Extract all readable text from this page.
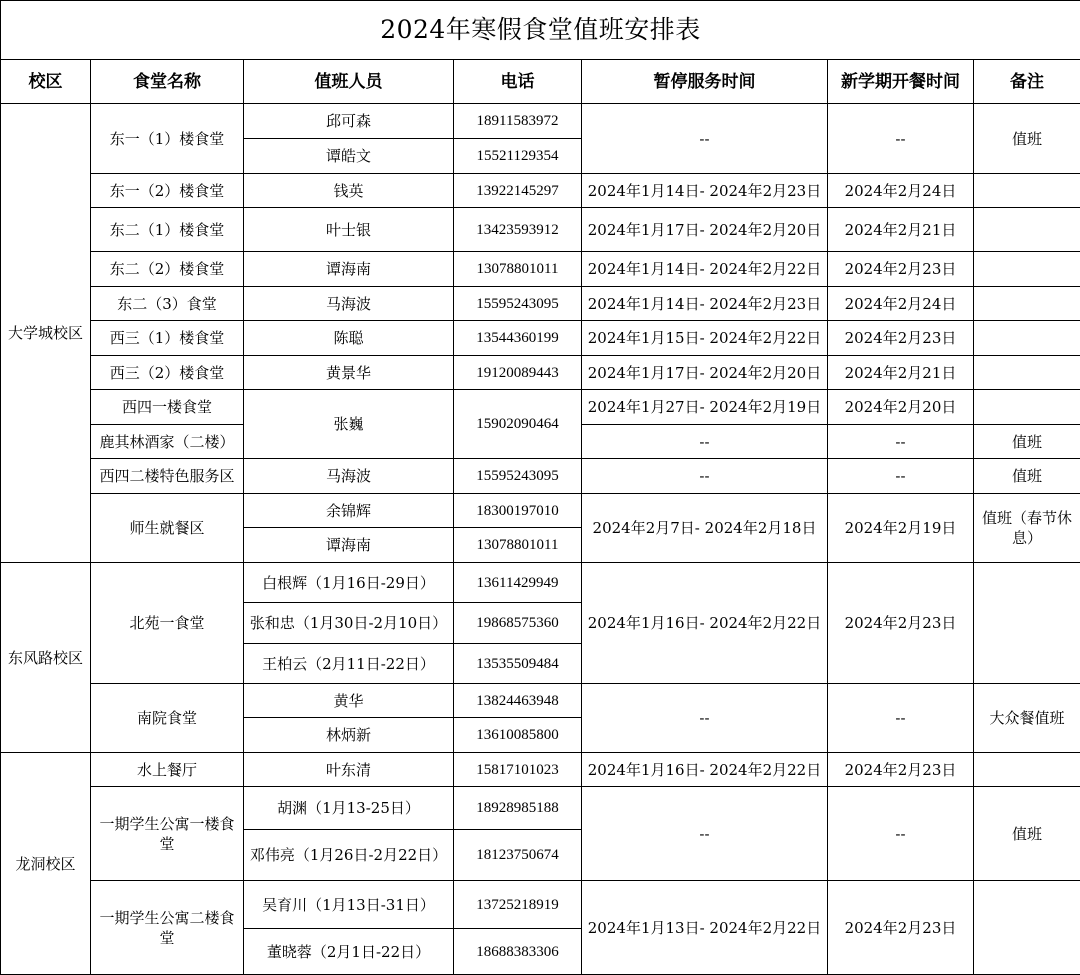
2024年寒假食堂值班安排表						
校区	食堂名称	值班人员	电话	暂停服务时间	新学期开餐时间	备注
大学城校区	东一（1）楼食堂	邱可森	18911583972	--	--	值班
		谭皓文	15521129354			
	东一（2）楼食堂	钱英	13922145297	2024年1月14日- 2024年2月23日	2024年2月24日	
	东二（1）楼食堂	叶士银	13423593912	2024年1月17日- 2024年2月20日	2024年2月21日	
	东二（2）楼食堂	谭海南	13078801011	2024年1月14日- 2024年2月22日	2024年2月23日	
	东二（3）食堂	马海波	15595243095	2024年1月14日- 2024年2月23日	2024年2月24日	
	西三（1）楼食堂	陈聪	13544360199	2024年1月15日- 2024年2月22日	2024年2月23日	
	西三（2）楼食堂	黄景华	19120089443	2024年1月17日- 2024年2月20日	2024年2月21日	
	西四一楼食堂	张巍	15902090464	2024年1月27日- 2024年2月19日	2024年2月20日	
	鹿其林酒家（二楼）			--	--	值班
	西四二楼特色服务区	马海波	15595243095	--	--	值班
	师生就餐区	余锦辉	18300197010	2024年2月7日- 2024年2月18日	2024年2月19日	值班（春节休息）
		谭海南	13078801011			
东风路校区	北苑一食堂	白根辉（1月16日-29日）	13611429949	2024年1月16日- 2024年2月22日	2024年2月23日	
		张和忠（1月30日-2月10日）	19868575360			
		王柏云（2月11日-22日）	13535509484			
	南院食堂	黄华	13824463948	--	--	大众餐值班
		林炳新	13610085800			
龙洞校区	水上餐厅	叶东清	15817101023	2024年1月16日- 2024年2月22日	2024年2月23日	
	一期学生公寓一楼食堂	胡渊（1月13-25日）	18928985188	--	--	值班
		邓伟亮（1月26日-2月22日）	18123750674			
	一期学生公寓二楼食堂	吴育川（1月13日-31日）	13725218919	2024年1月13日- 2024年2月22日	2024年2月23日	
		董晓蓉（2月1日-22日）	18688383306			
